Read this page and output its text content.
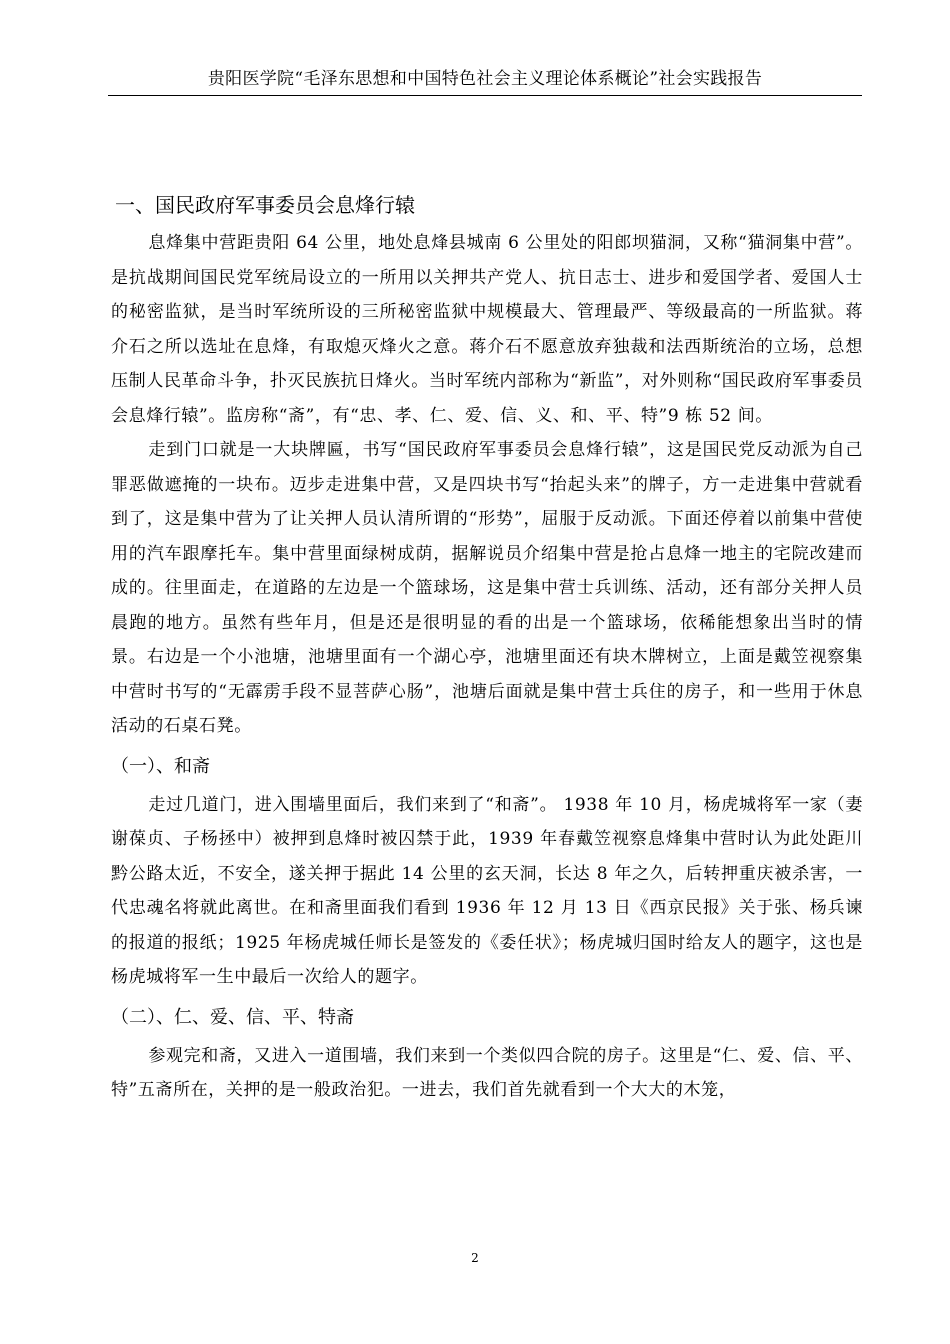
贵阳医学院“毛泽东思想和中国特色社会主义理论体系概论”社会实践报告
一、国民政府军事委员会息烽行辕

息烽集中营距贵阳 64 公里，地处息烽县城南 6 公里处的阳郎坝猫洞，又称“猫洞集中营”。是抗战期间国民党军统局设立的一所用以关押共产党人、抗日志士、进步和爱国学者、爱国人士的秘密监狱，是当时军统所设的三所秘密监狱中规模最大、管理最严、等级最高的一所监狱。蒋介石之所以选址在息烽，有取熄灭烽火之意。蒋介石不愿意放弃独裁和法西斯统治的立场，总想压制人民革命斗争，扑灭民族抗日烽火。当时军统内部称为“新监”，对外则称“国民政府军事委员会息烽行辕”。监房称“斋”，有“忠、孝、仁、爱、信、义、和、平、特”9 栋 52 间。

走到门口就是一大块牌匾，书写“国民政府军事委员会息烽行辕”，这是国民党反动派为自己罪恶做遮掩的一块布。迈步走进集中营，又是四块书写“抬起头来”的牌子，方一走进集中营就看到了，这是集中营为了让关押人员认清所谓的“形势”，屈服于反动派。下面还停着以前集中营使用的汽车跟摩托车。集中营里面绿树成荫，据解说员介绍集中营是抢占息烽一地主的宅院改建而成的。往里面走，在道路的左边是一个篮球场，这是集中营士兵训练、活动，还有部分关押人员晨跑的地方。虽然有些年月，但是还是很明显的看的出是一个篮球场，依稀能想象出当时的情景。右边是一个小池塘，池塘里面有一个湖心亭，池塘里面还有块木牌树立，上面是戴笠视察集中营时书写的“无霹雳手段不显菩萨心肠”，池塘后面就是集中营士兵住的房子，和一些用于休息活动的石桌石凳。

（一）、和斋

走过几道门，进入围墙里面后，我们来到了“和斋”。 1938 年 10 月，杨虎城将军一家（妻谢葆贞、子杨拯中）被押到息烽时被囚禁于此，1939 年春戴笠视察息烽集中营时认为此处距川黔公路太近，不安全，遂关押于据此 14 公里的玄天洞，长达 8 年之久，后转押重庆被杀害，一代忠魂名将就此离世。在和斋里面我们看到 1936 年 12 月 13 日《西京民报》关于张、杨兵谏的报道的报纸；1925 年杨虎城任师长是签发的《委任状》；杨虎城归国时给友人的题字，这也是杨虎城将军一生中最后一次给人的题字。

（二）、仁、爱、信、平、特斋

参观完和斋，又进入一道围墙，我们来到一个类似四合院的房子。这里是“仁、爱、信、平、特”五斋所在，关押的是一般政治犯。一进去，我们首先就看到一个大大的木笼，

2
